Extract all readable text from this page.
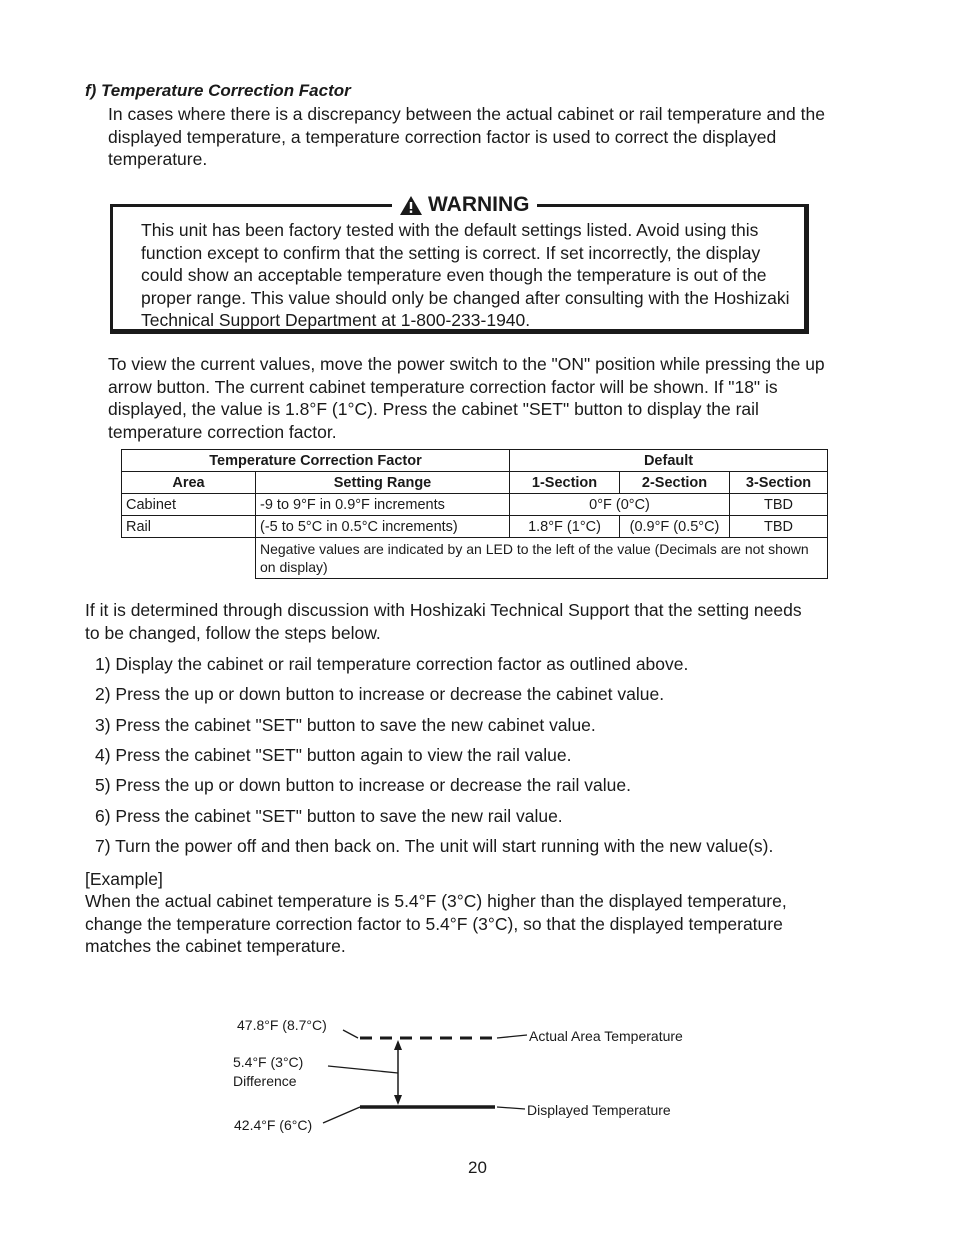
f) Temperature Correction Factor

In cases where there is a discrepancy between the actual cabinet or rail temperature and the displayed temperature, a temperature correction factor is used to correct the displayed temperature.

WARNING

This unit has been factory tested with the default settings listed. Avoid using this function except to confirm that the setting is correct. If set incorrectly, the display could show an acceptable temperature even though the temperature is out of the proper range. This value should only be changed after consulting with the Hoshizaki Technical Support Department at 1-800-233-1940.

To view the current values, move the power switch to the "ON" position while pressing the up arrow button. The current cabinet temperature correction factor will be shown. If "18" is displayed, the value is 1.8°F (1°C). Press the cabinet "SET" button to display the rail temperature correction factor.

Temperature Correction Factor		Default		
Area	Setting Range	1-Section	2-Section	3-Section
Cabinet	-9 to 9°F in 0.9°F increments	0°F (0°C)		TBD
Rail	(-5 to 5°C in 0.5°C increments)	1.8°F (1°C)	(0.9°F (0.5°C)	TBD
	Negative values are indicated by an LED to the left of the value (Decimals are not shown on display)			

If it is determined through discussion with Hoshizaki Technical Support that the setting needs to be changed, follow the steps below.

1) Display the cabinet or rail temperature correction factor as outlined above.
2) Press the up or down button to increase or decrease the cabinet value.
3) Press the cabinet "SET" button to save the new cabinet value.
4) Press the cabinet "SET" button again to view the rail value.
5) Press the up or down button to increase or decrease the rail value.
6) Press the cabinet "SET" button to save the new rail value.
7) Turn the power off and then back on. The unit will start running with the new value(s).
[Example]

When the actual cabinet temperature is 5.4°F (3°C) higher than the displayed temperature, change the temperature correction factor to 5.4°F (3°C), so that the displayed temperature matches the cabinet temperature.

47.8°F (8.7°C)
5.4°F (3°C)
Difference
42.4°F (6°C)
Actual Area Temperature
Displayed Temperature
20
